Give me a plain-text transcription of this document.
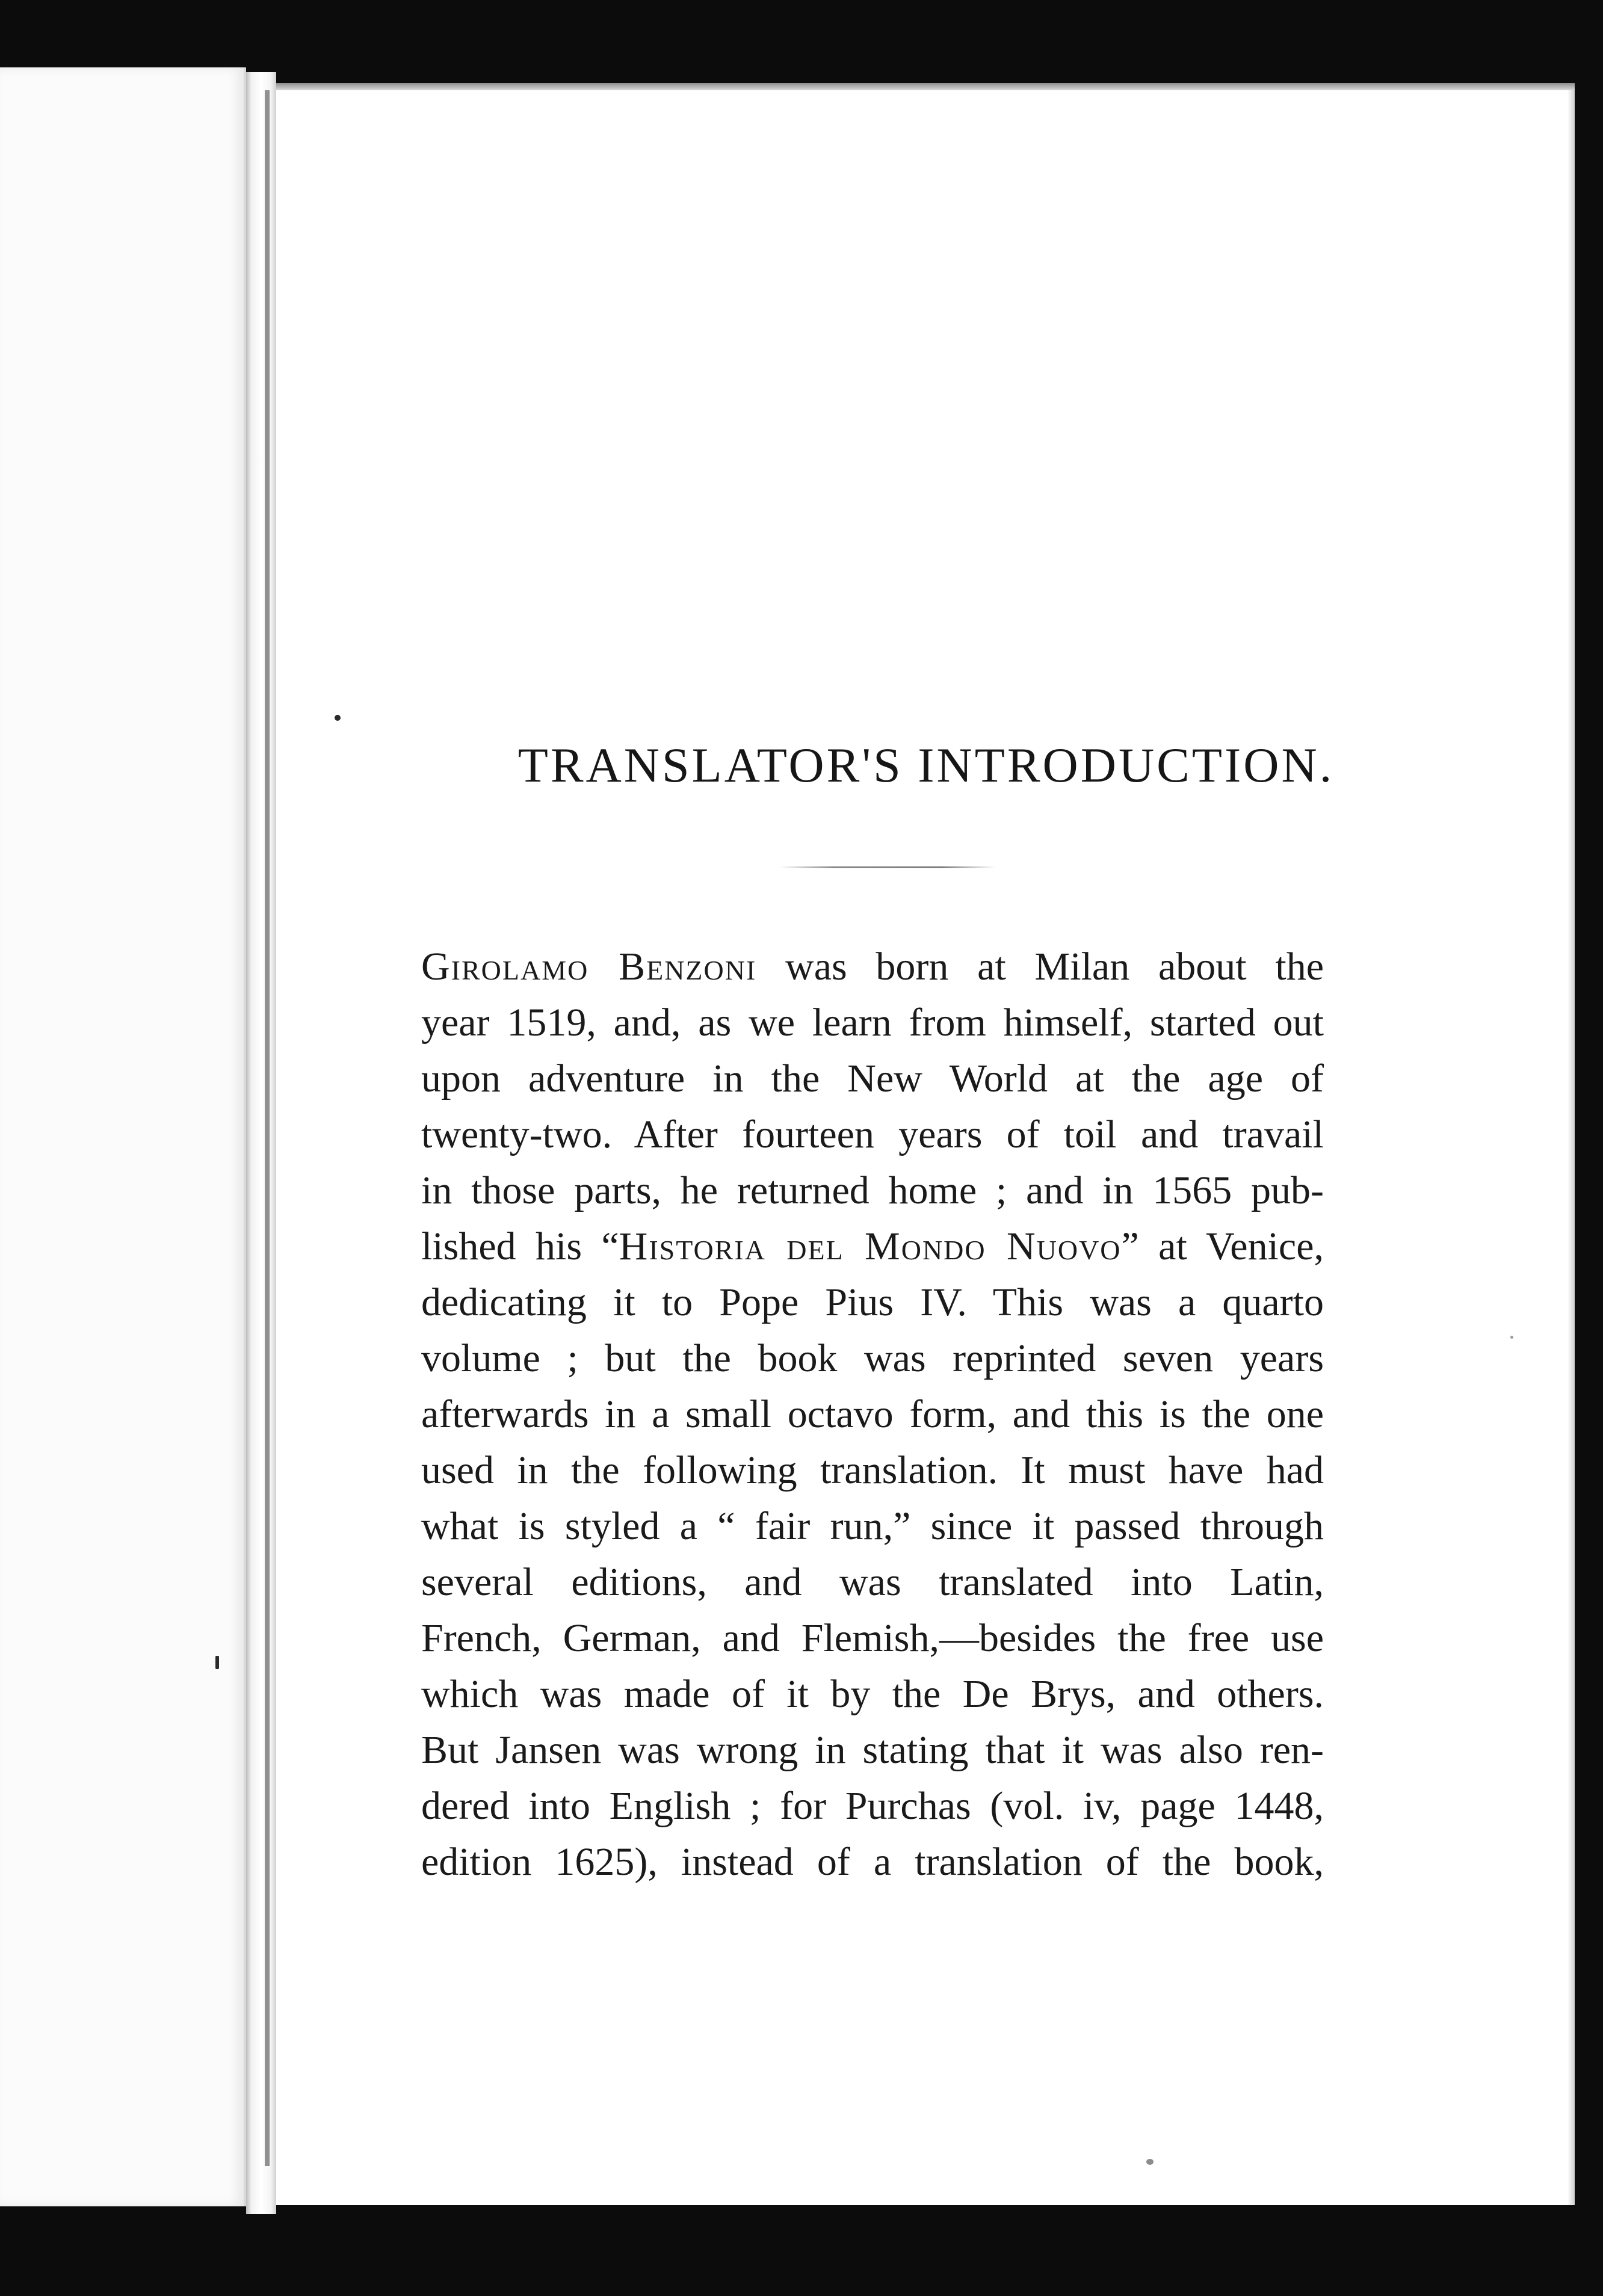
TRANSLATOR'S INTRODUCTION.
Girolamo Benzoni was born at Milan about the
year 1519, and, as we learn from himself, started out
upon adventure in the New World at the age of
twenty-two. After fourteen years of toil and travail
in those parts, he returned home ; and in 1565 pub-
lished his “Historia del Mondo Nuovo” at Venice,
dedicating it to Pope Pius IV. This was a quarto
volume ; but the book was reprinted seven years
afterwards in a small octavo form, and this is the one
used in the following translation. It must have had
what is styled a “ fair run,” since it passed through
several editions, and was translated into Latin,
French, German, and Flemish,—besides the free use
which was made of it by the De Brys, and others.
But Jansen was wrong in stating that it was also ren-
dered into English ; for Purchas (vol. iv, page 1448,
edition 1625), instead of a translation of the book,
